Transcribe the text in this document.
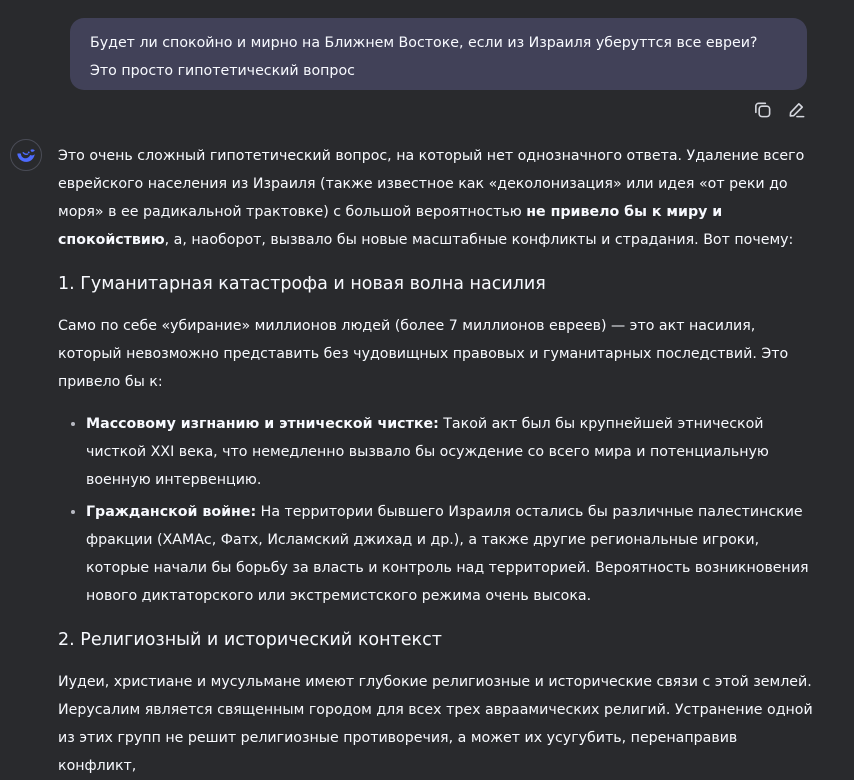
Будет ли спокойно и мирно на Ближнем Востоке, если из Израиля уберуттся все евреи? Это просто гипотетический вопрос

Это очень сложный гипотетический вопрос, на который нет однозначного ответа. Удаление всего еврейского населения из Израиля (также известное как «деколонизация» или идея «от реки до моря» в ее радикальной трактовке) с большой вероятностью не привело бы к миру и спокойствию, а, наоборот, вызвало бы новые масштабные конфликты и страдания. Вот почему:

1. Гуманитарная катастрофа и новая волна насилия

Само по себе «убирание» миллионов людей (более 7 миллионов евреев) — это акт насилия, который невозможно представить без чудовищных правовых и гуманитарных последствий. Это привело бы к:

• Массовому изгнанию и этнической чистке: Такой акт был бы крупнейшей этнической чисткой XXI века, что немедленно вызвало бы осуждение со всего мира и потенциальную военную интервенцию.
• Гражданской войне: На территории бывшего Израиля остались бы различные палестинские фракции (ХАМАс, Фатх, Исламский джихад и др.), а также другие региональные игроки, которые начали бы борьбу за власть и контроль над территорией. Вероятность возникновения нового диктаторского или экстремистского режима очень высока.
2. Религиозный и исторический контекст

Иудеи, христиане и мусульмане имеют глубокие религиозные и исторические связи с этой землей. Иерусалим является священным городом для всех трех авраамических религий. Устранение одной из этих групп не решит религиозные противоречия, а может их усугубить, перенаправив конфликт,
